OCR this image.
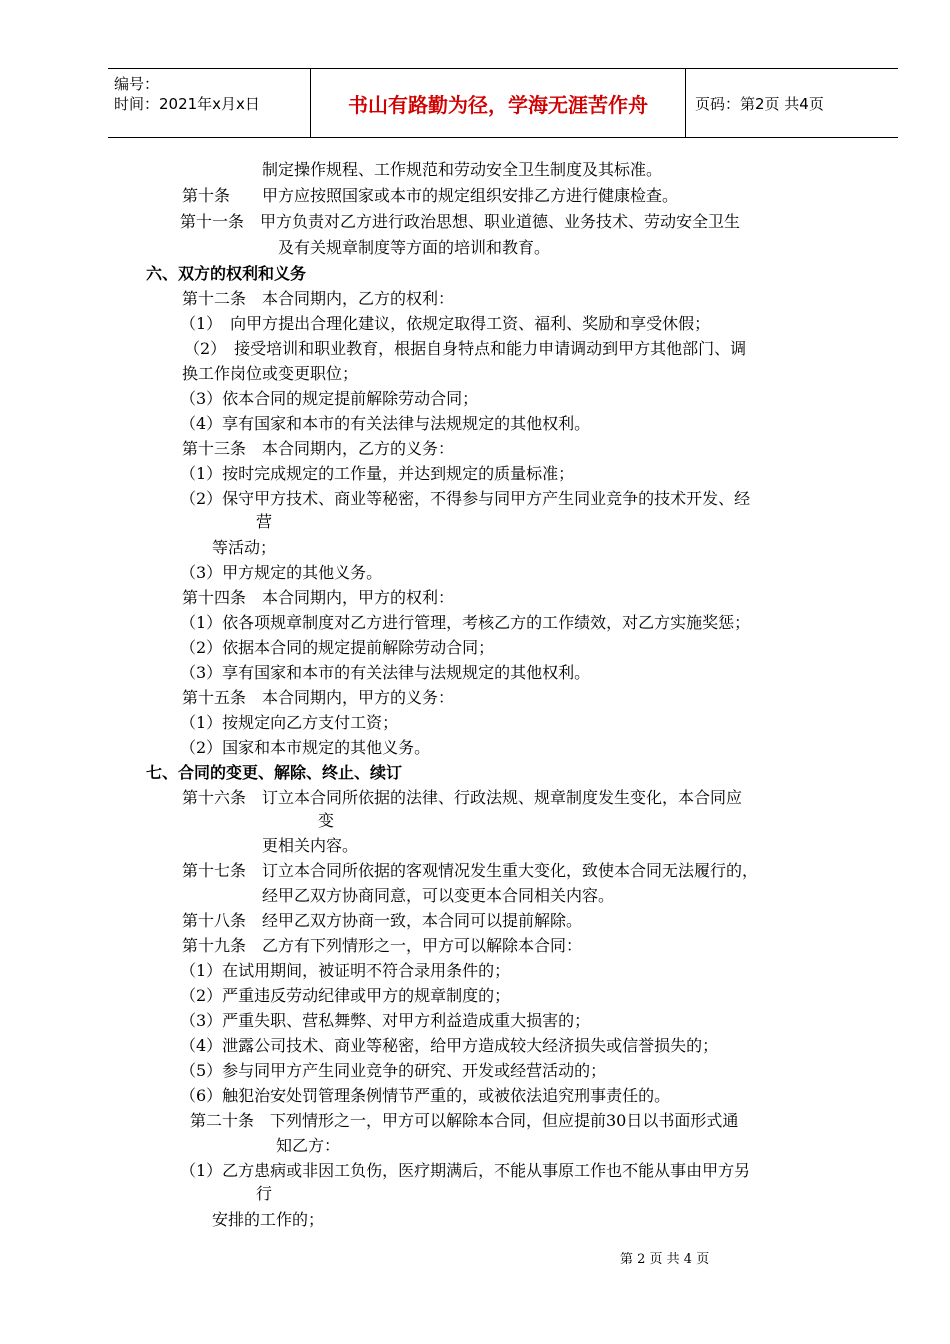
编号：
时间：2021年x月x日	书山有路勤为径，学海无涯苦作舟	页码：第2页 共4页
制定操作规程、工作规范和劳动安全卫生制度及其标准。
第十条　　甲方应按照国家或本市的规定组织安排乙方进行健康检查。
第十一条　甲方负责对乙方进行政治思想、职业道德、业务技术、劳动安全卫生
及有关规章制度等方面的培训和教育。
六、双方的权利和义务
第十二条　本合同期内，乙方的权利：
（1）　向甲方提出合理化建议，依规定取得工资、福利、奖励和享受休假；
（2）　接受培训和职业教育，根据自身特点和能力申请调动到甲方其他部门、调
换工作岗位或变更职位；
（3）依本合同的规定提前解除劳动合同；
（4）享有国家和本市的有关法律与法规规定的其他权利。
第十三条　本合同期内，乙方的义务：
（1）按时完成规定的工作量，并达到规定的质量标准；
（2）保守甲方技术、商业等秘密，不得参与同甲方产生同业竞争的技术开发、经
营
等活动；
（3）甲方规定的其他义务。
第十四条　本合同期内，甲方的权利：
（1）依各项规章制度对乙方进行管理，考核乙方的工作绩效，对乙方实施奖惩；
（2）依据本合同的规定提前解除劳动合同；
（3）享有国家和本市的有关法律与法规规定的其他权利。
第十五条　本合同期内，甲方的义务：
（1）按规定向乙方支付工资；
（2）国家和本市规定的其他义务。
七、合同的变更、解除、终止、续订
第十六条　订立本合同所依据的法律、行政法规、规章制度发生变化，本合同应
变
更相关内容。
第十七条　订立本合同所依据的客观情况发生重大变化，致使本合同无法履行的，
经甲乙双方协商同意，可以变更本合同相关内容。
第十八条　经甲乙双方协商一致，本合同可以提前解除。
第十九条　乙方有下列情形之一，甲方可以解除本合同：
（1）在试用期间，被证明不符合录用条件的；
（2）严重违反劳动纪律或甲方的规章制度的；
（3）严重失职、营私舞弊、对甲方利益造成重大损害的；
（4）泄露公司技术、商业等秘密，给甲方造成较大经济损失或信誉损失的；
（5）参与同甲方产生同业竞争的研究、开发或经营活动的；
（6）触犯治安处罚管理条例情节严重的，或被依法追究刑事责任的。
第二十条　下列情形之一，甲方可以解除本合同，但应提前30日以书面形式通
知乙方：
（1）乙方患病或非因工负伤，医疗期满后，不能从事原工作也不能从事由甲方另
行
安排的工作的；
第 2 页 共 4 页
